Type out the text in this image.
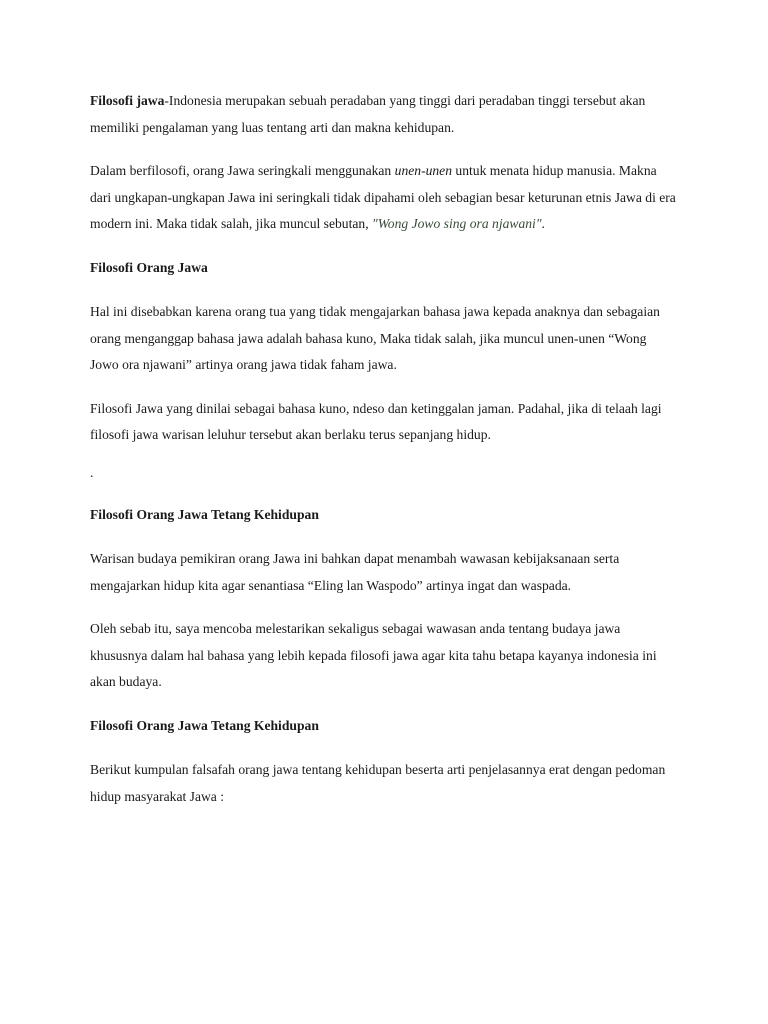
Filosofi jawa-Indonesia merupakan sebuah peradaban yang tinggi dari peradaban tinggi tersebut akan memiliki pengalaman yang luas tentang arti dan makna kehidupan.

Dalam berfilosofi, orang Jawa seringkali menggunakan unen-unen untuk menata hidup manusia. Makna dari ungkapan-ungkapan Jawa ini seringkali tidak dipahami oleh sebagian besar keturunan etnis Jawa di era modern ini. Maka tidak salah, jika muncul sebutan, "Wong Jowo sing ora njawani".

Filosofi Orang Jawa

Hal ini disebabkan karena orang tua yang tidak mengajarkan bahasa jawa kepada anaknya dan sebagaian orang menganggap bahasa jawa adalah bahasa kuno, Maka tidak salah, jika muncul unen-unen “Wong Jowo ora njawani” artinya orang jawa tidak faham jawa.

Filosofi Jawa yang dinilai sebagai bahasa kuno, ndeso dan ketinggalan jaman. Padahal, jika di telaah lagi filosofi jawa warisan leluhur tersebut akan berlaku terus sepanjang hidup.

.

Filosofi Orang Jawa Tetang Kehidupan

Warisan budaya pemikiran orang Jawa ini bahkan dapat menambah wawasan kebijaksanaan serta mengajarkan hidup kita agar senantiasa “Eling lan Waspodo” artinya ingat dan waspada.

Oleh sebab itu, saya mencoba melestarikan sekaligus sebagai wawasan anda tentang budaya jawa khususnya dalam hal bahasa yang lebih kepada filosofi jawa agar kita tahu betapa kayanya indonesia ini akan budaya.

Filosofi Orang Jawa Tetang Kehidupan

Berikut kumpulan falsafah orang jawa tentang kehidupan beserta arti penjelasannya erat dengan pedoman hidup masyarakat Jawa :
